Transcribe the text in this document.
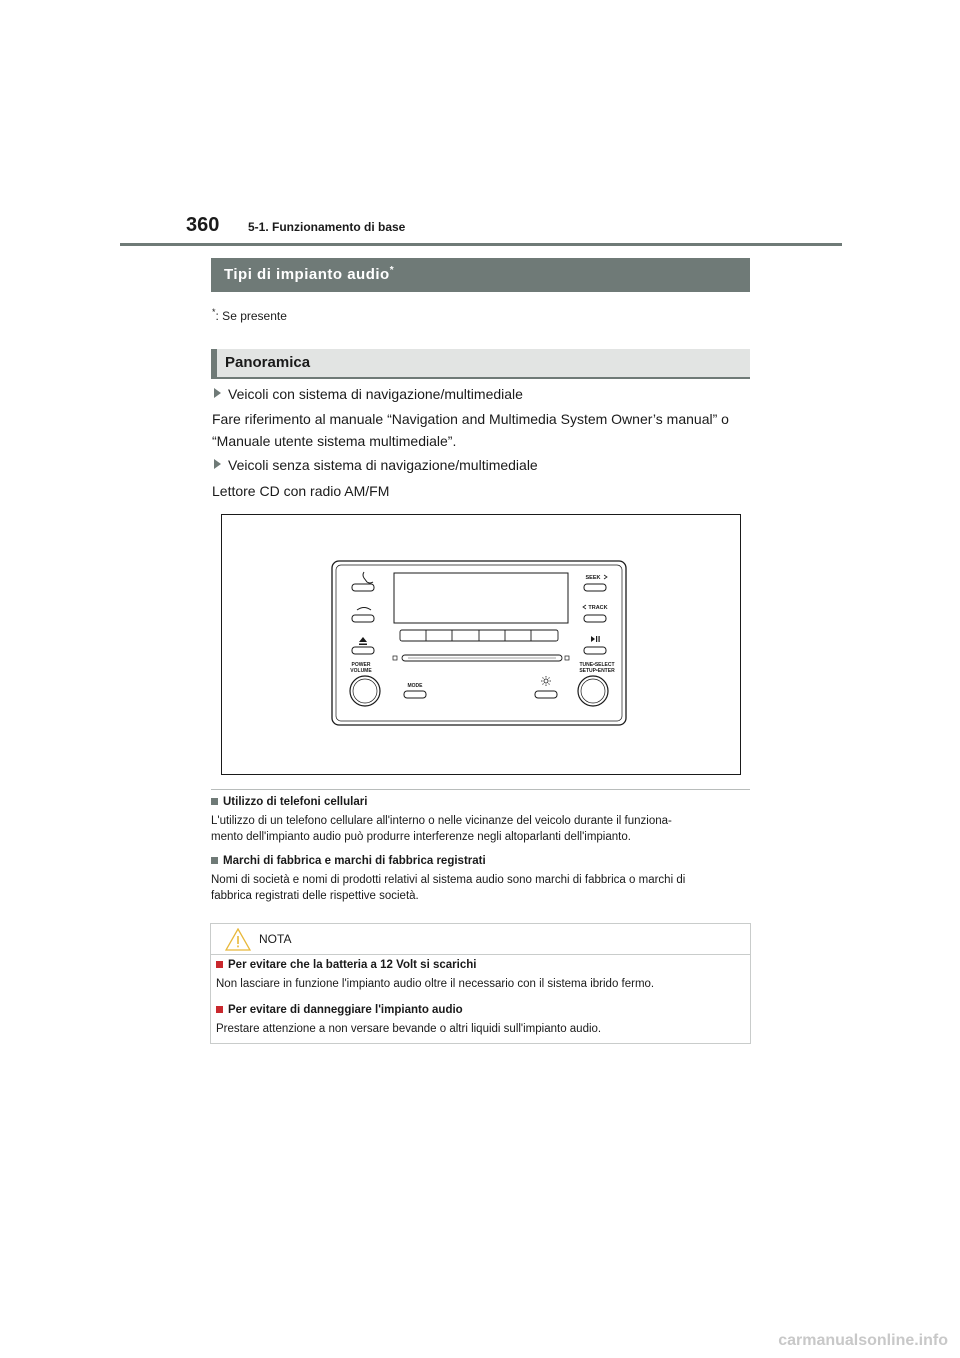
360 5-1. Funzionamento di base
Tipi di impianto audio*
*: Se presente
Panoramica
Veicoli con sistema di navigazione/multimediale
Fare riferimento al manuale “Navigation and Multimedia System Owner’s manual” o
“Manuale utente sistema multimediale”.
Veicoli senza sistema di navigazione/multimediale
Lettore CD con radio AM/FM
POWER
VOLUME
MODE
SEEK
TRACK
TUNE•SELECT
SETUP•ENTER
Utilizzo di telefoni cellulari
L'utilizzo di un telefono cellulare all'interno o nelle vicinanze del veicolo durante il funziona-
mento dell'impianto audio può produrre interferenze negli altoparlanti dell'impianto.
Marchi di fabbrica e marchi di fabbrica registrati
Nomi di società e nomi di prodotti relativi al sistema audio sono marchi di fabbrica o marchi di
fabbrica registrati delle rispettive società.
NOTA
Per evitare che la batteria a 12 Volt si scarichi
Non lasciare in funzione l'impianto audio oltre il necessario con il sistema ibrido fermo.
Per evitare di danneggiare l'impianto audio
Prestare attenzione a non versare bevande o altri liquidi sull'impianto audio.
carmanualsonline.info
